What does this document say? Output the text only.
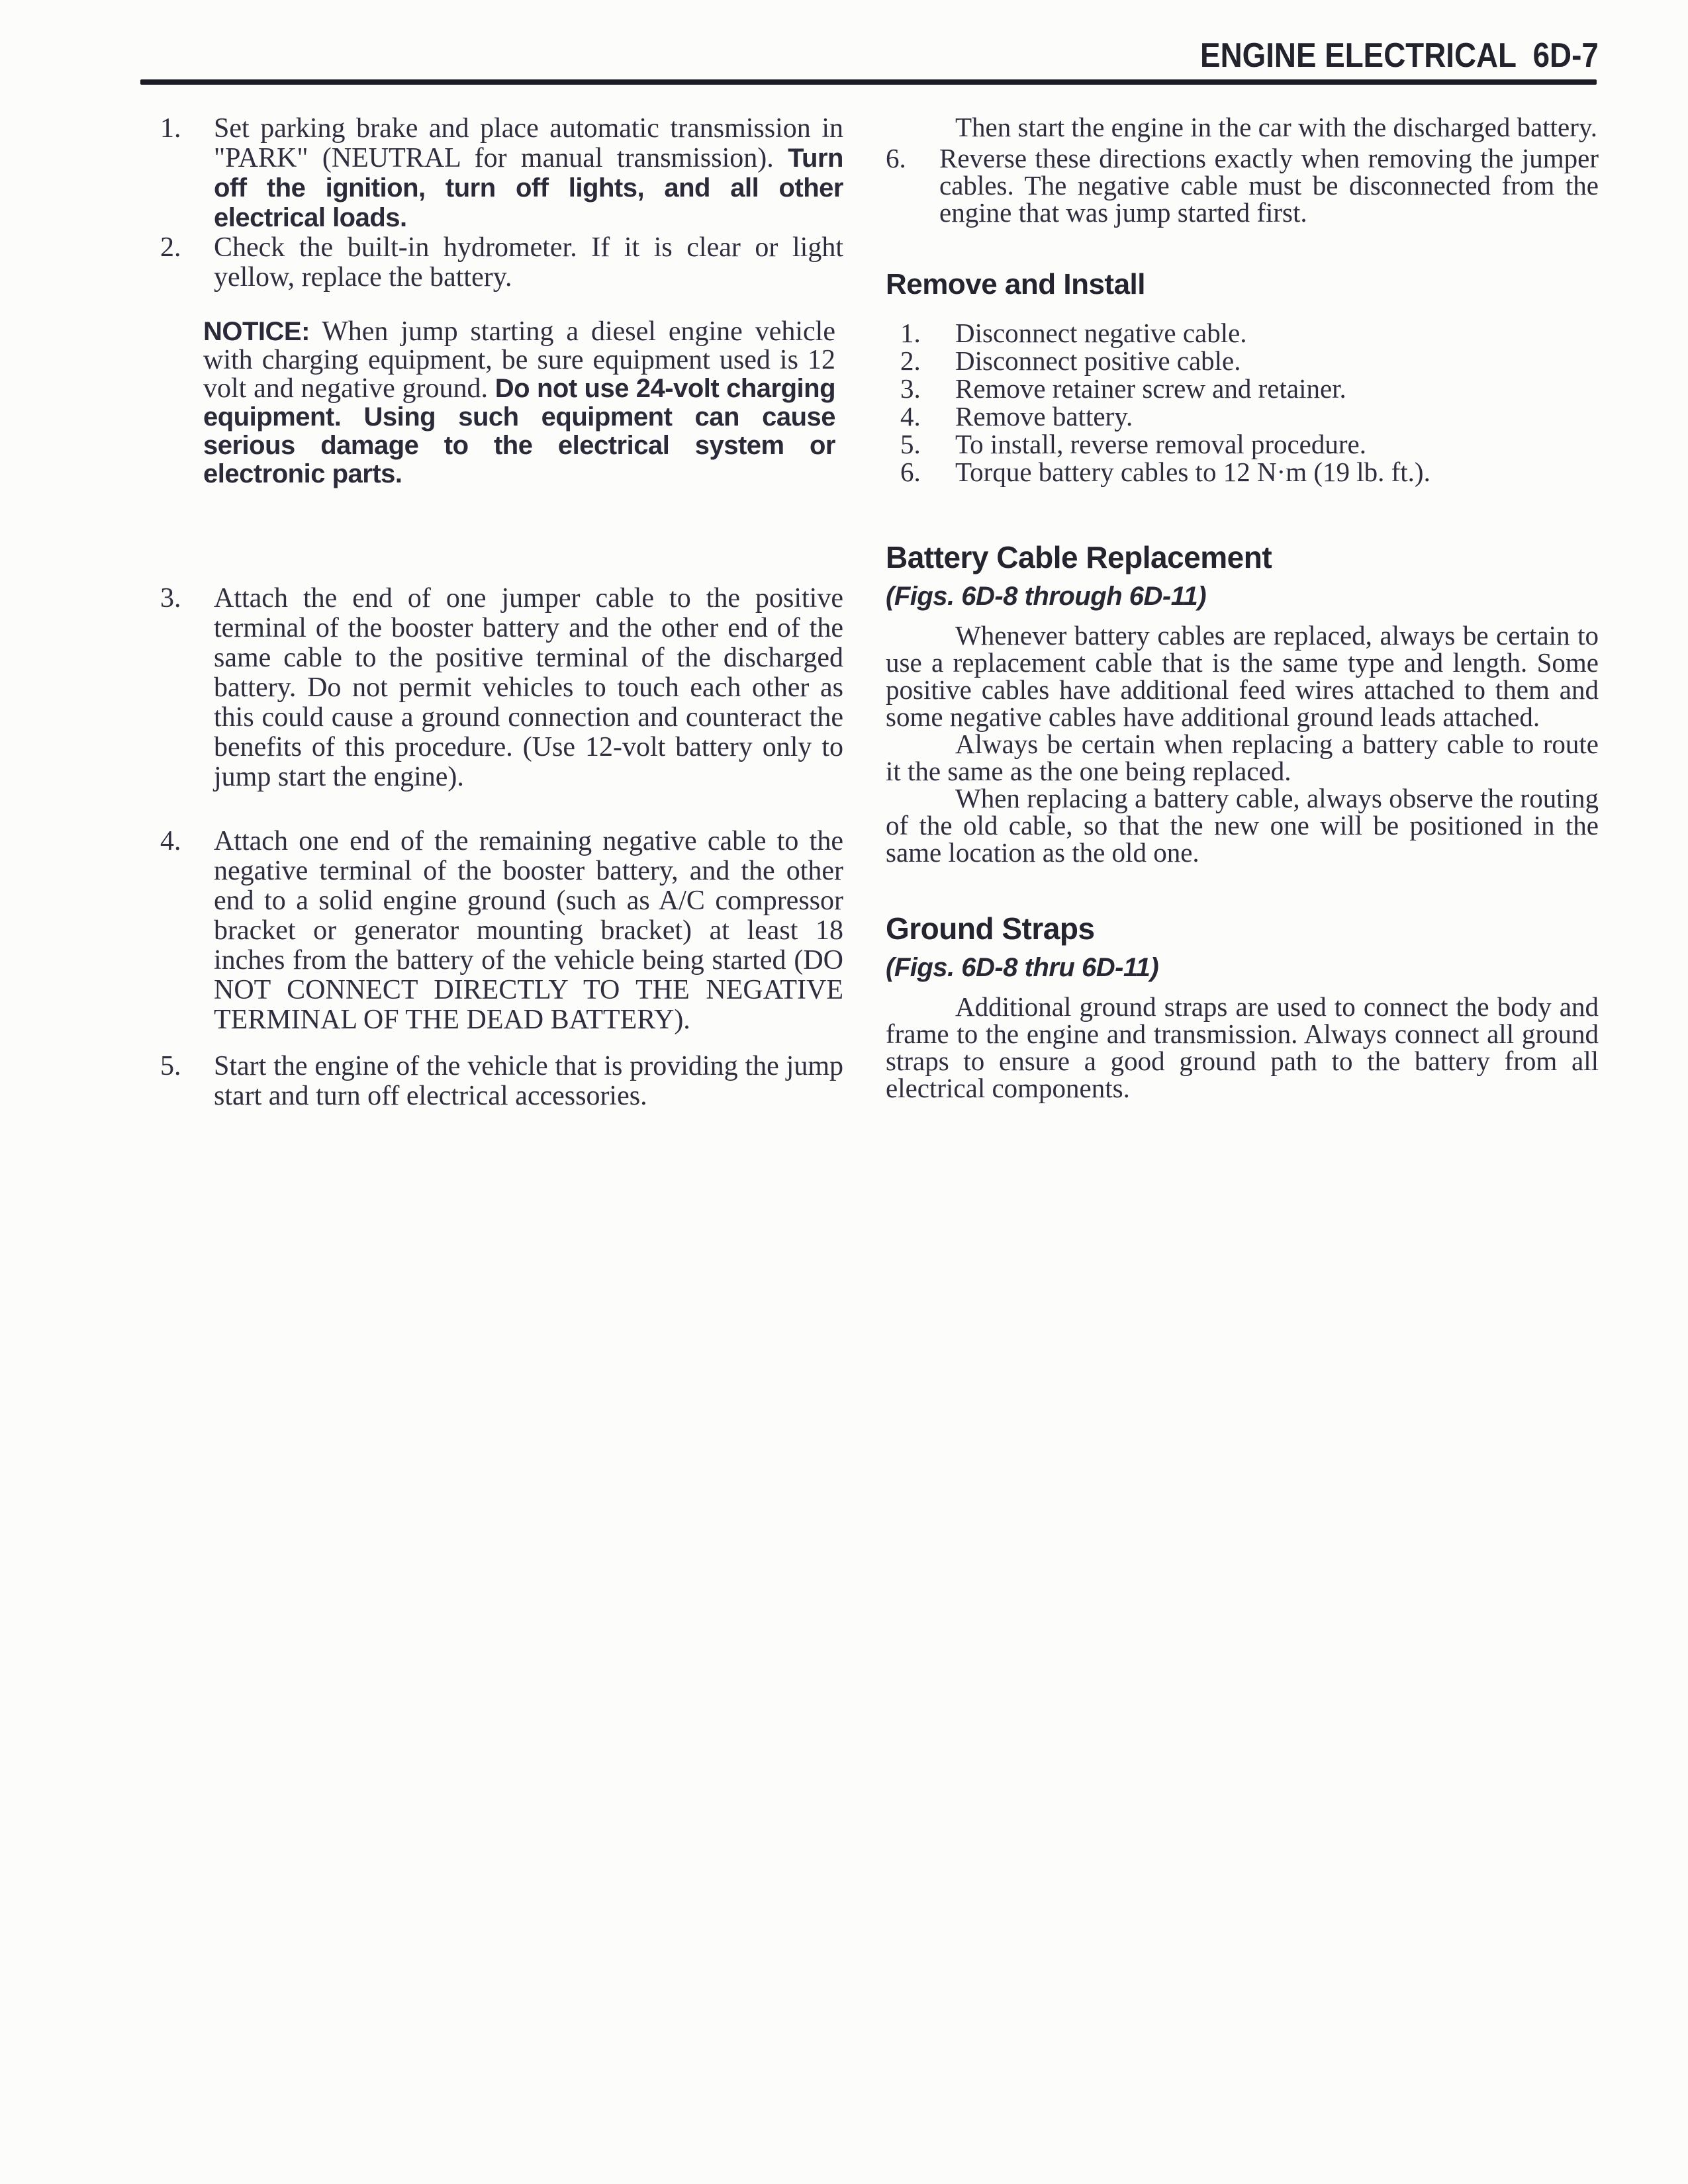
ENGINE ELECTRICAL  6D-7
1.	Set parking brake and place automatic transmission in "PARK" (NEUTRAL for manual transmission). Turn off the ignition, turn off lights, and all other electrical loads.
2.	Check the built-in hydrometer. If it is clear or light yellow, replace the battery.
NOTICE: When jump starting a diesel engine vehicle with charging equipment, be sure equipment used is 12 volt and negative ground. Do not use 24-volt charging equipment. Using such equipment can cause serious damage to the electrical system or electronic parts.
3.	Attach the end of one jumper cable to the positive terminal of the booster battery and the other end of the same cable to the positive terminal of the discharged battery. Do not permit vehicles to touch each other as this could cause a ground connection and counteract the benefits of this procedure. (Use 12-volt battery only to jump start the engine).
4.	Attach one end of the remaining negative cable to the negative terminal of the booster battery, and the other end to a solid engine ground (such as A/C compressor bracket or generator mounting bracket) at least 18 inches from the battery of the vehicle being started (DO NOT CONNECT DIRECTLY TO THE NEGATIVE TERMINAL OF THE DEAD BATTERY).
5.	Start the engine of the vehicle that is providing the jump start and turn off electrical accessories.
Then start the engine in the car with the discharged battery.
6.	Reverse these directions exactly when removing the jumper cables. The negative cable must be disconnected from the engine that was jump started first.
Remove and Install
1.	Disconnect negative cable.
2.	Disconnect positive cable.
3.	Remove retainer screw and retainer.
4.	Remove battery.
5.	To install, reverse removal procedure.
6.	Torque battery cables to 12 N·m (19 lb. ft.).
Battery Cable Replacement
(Figs. 6D-8 through 6D-11)
Whenever battery cables are replaced, always be certain to use a replacement cable that is the same type and length. Some positive cables have additional feed wires attached to them and some negative cables have additional ground leads attached.
Always be certain when replacing a battery cable to route it the same as the one being replaced.
When replacing a battery cable, always observe the routing of the old cable, so that the new one will be positioned in the same location as the old one.
Ground Straps
(Figs. 6D-8 thru 6D-11)
Additional ground straps are used to connect the body and frame to the engine and transmission. Always connect all ground straps to ensure a good ground path to the battery from all electrical components.
